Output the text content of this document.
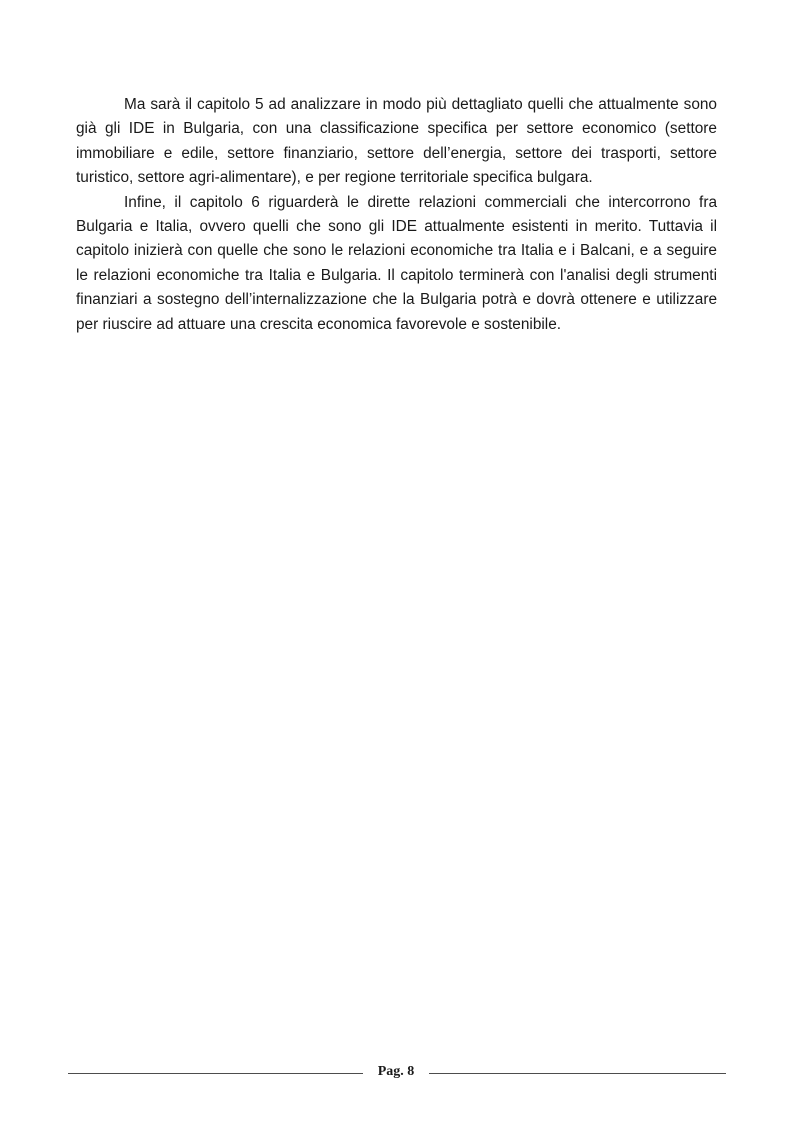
Ma sarà il capitolo 5 ad analizzare in modo più dettagliato quelli che attualmente sono già gli IDE in Bulgaria, con una classificazione specifica per settore economico (settore immobiliare e edile, settore finanziario, settore dell’energia, settore dei trasporti, settore turistico, settore agri-alimentare), e per regione territoriale specifica bulgara.

Infine, il capitolo 6 riguarderà le dirette relazioni commerciali che intercorrono fra Bulgaria e Italia, ovvero quelli che sono gli IDE attualmente esistenti in merito. Tuttavia il capitolo inizierà con quelle che sono le relazioni economiche tra Italia e i Balcani, e a seguire le relazioni economiche tra Italia e Bulgaria. Il capitolo terminerà con l'analisi degli strumenti finanziari a sostegno dell’internalizzazione che la Bulgaria potrà e dovrà ottenere e utilizzare per riuscire ad attuare una crescita economica favorevole e sostenibile.

Pag. 8
